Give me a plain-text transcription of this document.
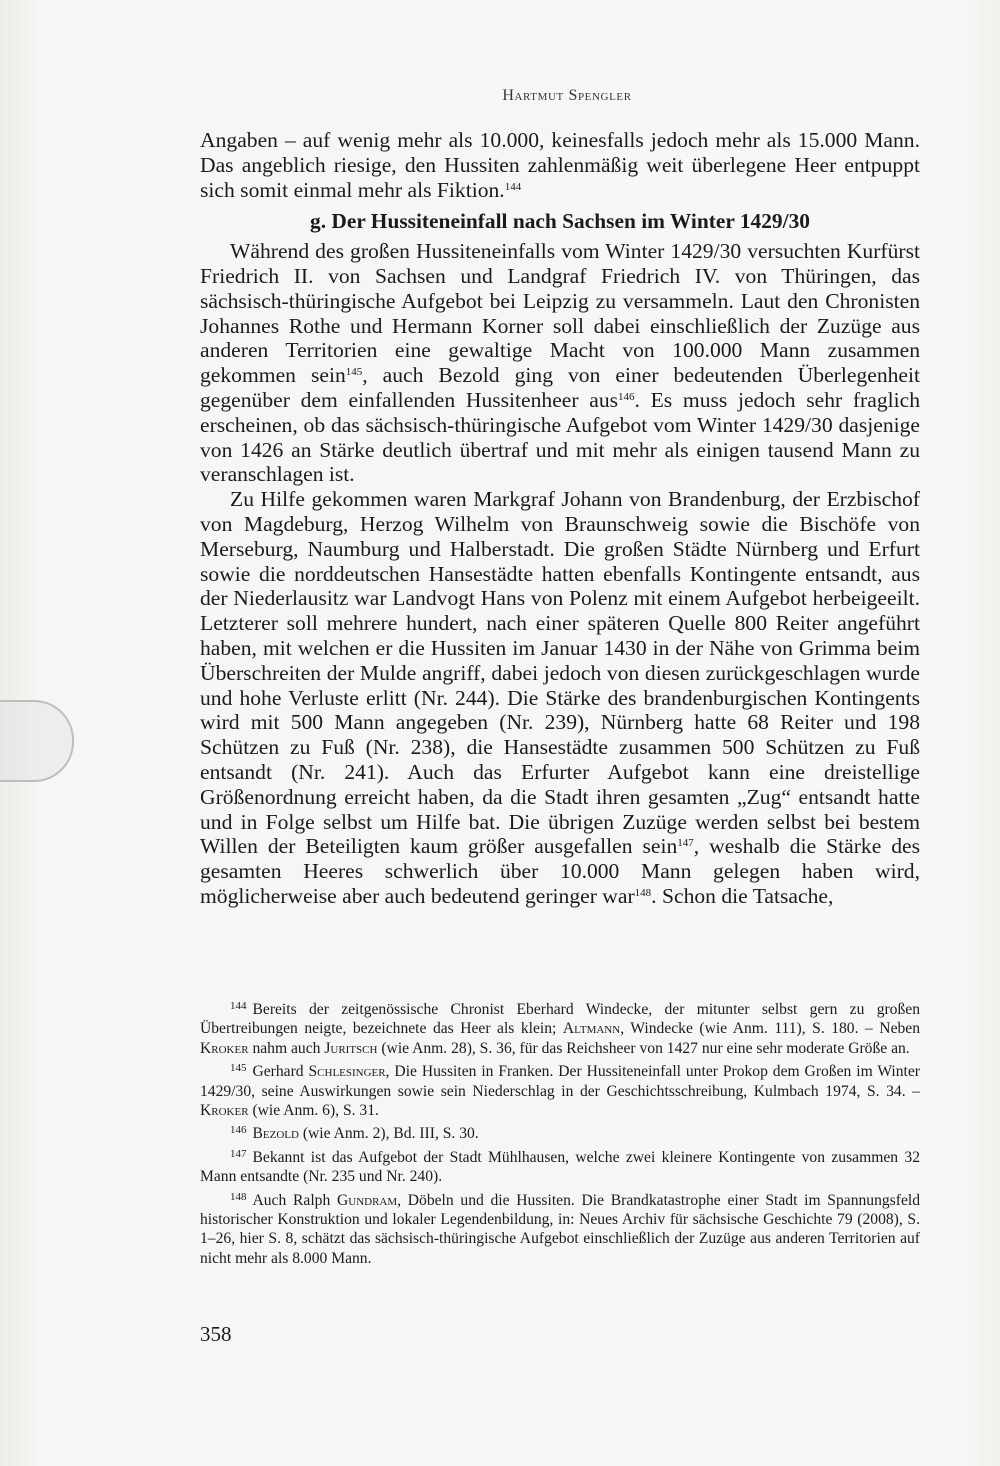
Hartmut Spengler

Angaben – auf wenig mehr als 10.000, keinesfalls jedoch mehr als 15.000 Mann. Das angeblich riesige, den Hussiten zahlenmäßig weit überlegene Heer entpuppt sich somit einmal mehr als Fiktion.$^{144}$

g. Der Hussiteneinfall nach Sachsen im Winter 1429/30

Während des großen Hussiteneinfalls vom Winter 1429/30 versuchten Kurfürst Friedrich II. von Sachsen und Landgraf Friedrich IV. von Thüringen, das sächsisch-thüringische Aufgebot bei Leipzig zu versammeln. Laut den Chronisten Johannes Rothe und Hermann Korner soll dabei einschließlich der Zuzüge aus anderen Territorien eine gewaltige Macht von 100.000 Mann zusammen gekommen sein$^{145}$, auch Bezold ging von einer bedeutenden Überlegenheit gegenüber dem einfallenden Hussitenheer aus$^{146}$. Es muss jedoch sehr fraglich erscheinen, ob das sächsisch-thüringische Aufgebot vom Winter 1429/30 dasjenige von 1426 an Stärke deutlich übertraf und mit mehr als einigen tausend Mann zu veranschlagen ist.

Zu Hilfe gekommen waren Markgraf Johann von Brandenburg, der Erzbischof von Magdeburg, Herzog Wilhelm von Braunschweig sowie die Bischöfe von Merseburg, Naumburg und Halberstadt. Die großen Städte Nürnberg und Erfurt sowie die norddeutschen Hansestädte hatten ebenfalls Kontingente entsandt, aus der Niederlausitz war Landvogt Hans von Polenz mit einem Aufgebot herbeigeeilt. Letzterer soll mehrere hundert, nach einer späteren Quelle 800 Reiter angeführt haben, mit welchen er die Hussiten im Januar 1430 in der Nähe von Grimma beim Überschreiten der Mulde angriff, dabei jedoch von diesen zurückgeschlagen wurde und hohe Verluste erlitt (Nr. 244). Die Stärke des brandenburgischen Kontingents wird mit 500 Mann angegeben (Nr. 239), Nürnberg hatte 68 Reiter und 198 Schützen zu Fuß (Nr. 238), die Hansestädte zusammen 500 Schützen zu Fuß entsandt (Nr. 241). Auch das Erfurter Aufgebot kann eine dreistellige Größenordnung erreicht haben, da die Stadt ihren gesamten „Zug“ entsandt hatte und in Folge selbst um Hilfe bat. Die übrigen Zuzüge werden selbst bei bestem Willen der Beteiligten kaum größer ausgefallen sein$^{147}$, weshalb die Stärke des gesamten Heeres schwerlich über 10.000 Mann gelegen haben wird, möglicherweise aber auch bedeutend geringer war$^{148}$. Schon die Tatsache,

$^{144}$ Bereits der zeitgenössische Chronist Eberhard Windecke, der mitunter selbst gern zu großen Übertreibungen neigte, bezeichnete das Heer als klein; Altmann, Windecke (wie Anm. 111), S. 180. – Neben Kroker nahm auch Juritsch (wie Anm. 28), S. 36, für das Reichsheer von 1427 nur eine sehr moderate Größe an.

$^{145}$ Gerhard Schlesinger, Die Hussiten in Franken. Der Hussiteneinfall unter Prokop dem Großen im Winter 1429/30, seine Auswirkungen sowie sein Niederschlag in der Geschichtsschreibung, Kulmbach 1974, S. 34. – Kroker (wie Anm. 6), S. 31.

$^{146}$ Bezold (wie Anm. 2), Bd. III, S. 30.

$^{147}$ Bekannt ist das Aufgebot der Stadt Mühlhausen, welche zwei kleinere Kontingente von zusammen 32 Mann entsandte (Nr. 235 und Nr. 240).

$^{148}$ Auch Ralph Gundram, Döbeln und die Hussiten. Die Brandkatastrophe einer Stadt im Spannungsfeld historischer Konstruktion und lokaler Legendenbildung, in: Neues Archiv für sächsische Geschichte 79 (2008), S. 1–26, hier S. 8, schätzt das sächsisch-thüringische Aufgebot einschließlich der Zuzüge aus anderen Territorien auf nicht mehr als 8.000 Mann.

358
